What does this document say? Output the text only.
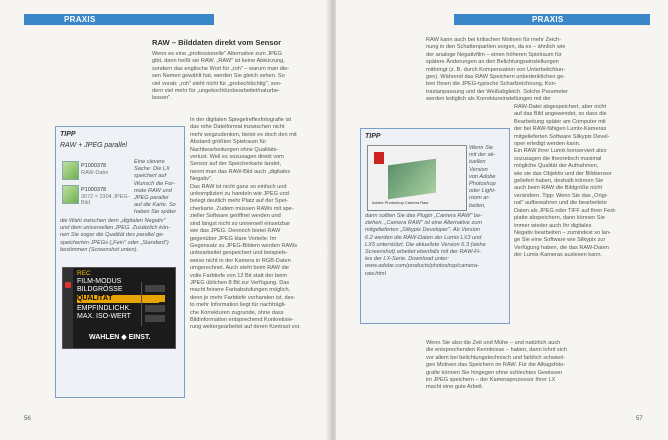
PRAXIS
RAW – Bilddaten direkt vom Sensor
Wenn es eine „professionelle" Alternative zum JPEG
gibt, dann heißt sie RAW. „RAW" ist keine Abkürzung,
sondern das englische Wort für „roh" – warum man die-
sen Namen gewählt hat, werden Sie gleich sehen. So
viel vorab: „roh" steht nicht für „grobschlächtig", son-
dern viel mehr für „ungekocht/unbearbeitet/naturbe-
lassen".
In der digitalen Spiegelreflexfotografie ist
das rohe Dateiformat inzwischen nicht
mehr wegzudenken, bietet es doch den mit
Abstand größten Spielraum für
Nachbearbeitungen ohne Qualitäts-
verlust. Weil es sozusagen direkt vom
Sensor auf der Speicherkarte landet,
nennt man das RAW-Bild auch „digitales
Negativ".
Das RAW ist nicht ganz so einfach und
unkompliziert zu handeln wie JPEG und
belegt deutlich mehr Platz auf der Spei-
cherkarte. Zudem müssen RAWs mit spe-
zieller Software geöffnet werden und
sind längst nicht so universell einsetzbar
wie das JPEG. Dennoch bietet RAW
gegenüber JPEG klare Vorteile: Im
Gegensatz zu JPEG-Bildern werden RAWs
unbearbeitet gespeichert und beispiels-
weise nicht in der Kamera in RGB-Daten
umgerechnet. Auch steht beim RAW die
volle Farbtiefe von 12 Bit statt der beim
JPEG üblichen 8 Bit zur Verfügung. Das
macht feinere Farbabstufungen möglich,
denn je mehr Farbtiefe vorhanden ist, des-
to mehr Information liegt für nachträgli-
che Korrekturen zugrunde, ohne dass
Bildinformation entsprechend Konkretisie-
rung weitergearbeitet auf deren Kontrast vor.
TIPP
RAW + JPEG parallel
P1000378
RAW-Datei
P1000378
3072 × 2304 JPEG-Bild
Eine clevere
Sache: Die LX
speichert auf
Wunsch die For-
mate RAW und
JPEG parallel
auf die Karte. So
haben Sie später
die Wahl zwischen dem „digitalen Negativ"
und dem universellen JPEG. Zusätzlich kön-
nen Sie sogar die Qualität des parallel ge-
speicherten JPEGs („Fein" oder „Standard")
bestimmen (Screenshot unten).
REC
FILM-MODUS
BILDGRÖSSE
QUALITÄT
EMPFINDLICHK.
MAX. ISO-WERT
WAHLEN ◆ EINST.
56
PRAXIS
RAW kann auch bei kritischen Motiven für mehr Zeich-
nung in den Schattenpartien sorgen, da es – ähnlich wie
der analoge Negativfilm – einen höheren Spielraum für
spätere Änderungen an den Belichtungseinstellungen
mitbringt (z. B. durch Kompensation von Unterbelichtun-
gen). Während das RAW Speichern unbedenklichen ge-
ben Ihnen die JPEG-typische Scharfzeichnung, Kon-
trastanpassung und der Weißabgleich. Solche Parameter
werden lediglich als Korrektureinstellungen mit der
RAW-Datei abgespeichert, aber nicht
auf das Bild angewendet, so dass die
Bearbeitung später am Computer mit
der bei RAW-fähigen Lumix-Kameras
mitgelieferten Software Silkypix Devel-
oper erledigt werden kann.
Ein RAW ihrer Lumix konserviert also
sozusagen die theoretisch maximal
mögliche Qualität der Aufnahmen,
wie sie das Objektiv und der Bildsensor
geliefert haben, deshalb können Sie
auch beim RAW die Bildgröße nicht
verändern. Tipp: Wenn Sie das „Origi-
nal" aufbewahren und die bearbeitete
Daten als JPEG oder TIFF auf Ihrer Fest-
platte abspeichern, dann können Sie
immer wieder auch Ihr digitales
Negativ bearbeiten – zumindest so lan-
ge Sie eine Software wie Silkypix zur
Verfügung haben, die das RAW-Daten
der Lumix-Kameras auslesen kann.
TIPP
Adobe Photoshop Camera Raw
Wenn Sie
mit der ak-
tuellen
Version
von Adobe
Photoshop
oder Light-
room ar-
beiten,
dann sollten Sie das Plugin „Camera RAW" be-
ziehen. „Camera RAW" ist eine Alternative zum
mitgelieferten „Silkypix Developer". Ab Version
6.2 werden die RAW-Daten der Lumix LX3 und
LX5 unterstützt. Die aktuellste Version 6.3 (siehe
Screenshot) arbeitet ebenfalls mit der RAW-Fi-
les der LX-Serie. Download unter:
www.adobe.com/products/photoshop/camera-
raw.html
Wenn Sie also die Zeit und Mühe – und natürlich auch
die entsprechenden Kenntnisse – haben, dann lohnt sich
vor allem bei belichtungstechnisch und farblich schwieri-
gen Motiven das Speichern im RAW. Für die Alltagsfoto-
grafie können Sie hingegen ohne schlechtes Gewissen
im JPEG speichern – der Kameraprozessor Ihrer LX
macht eine gute Arbeit.
57
